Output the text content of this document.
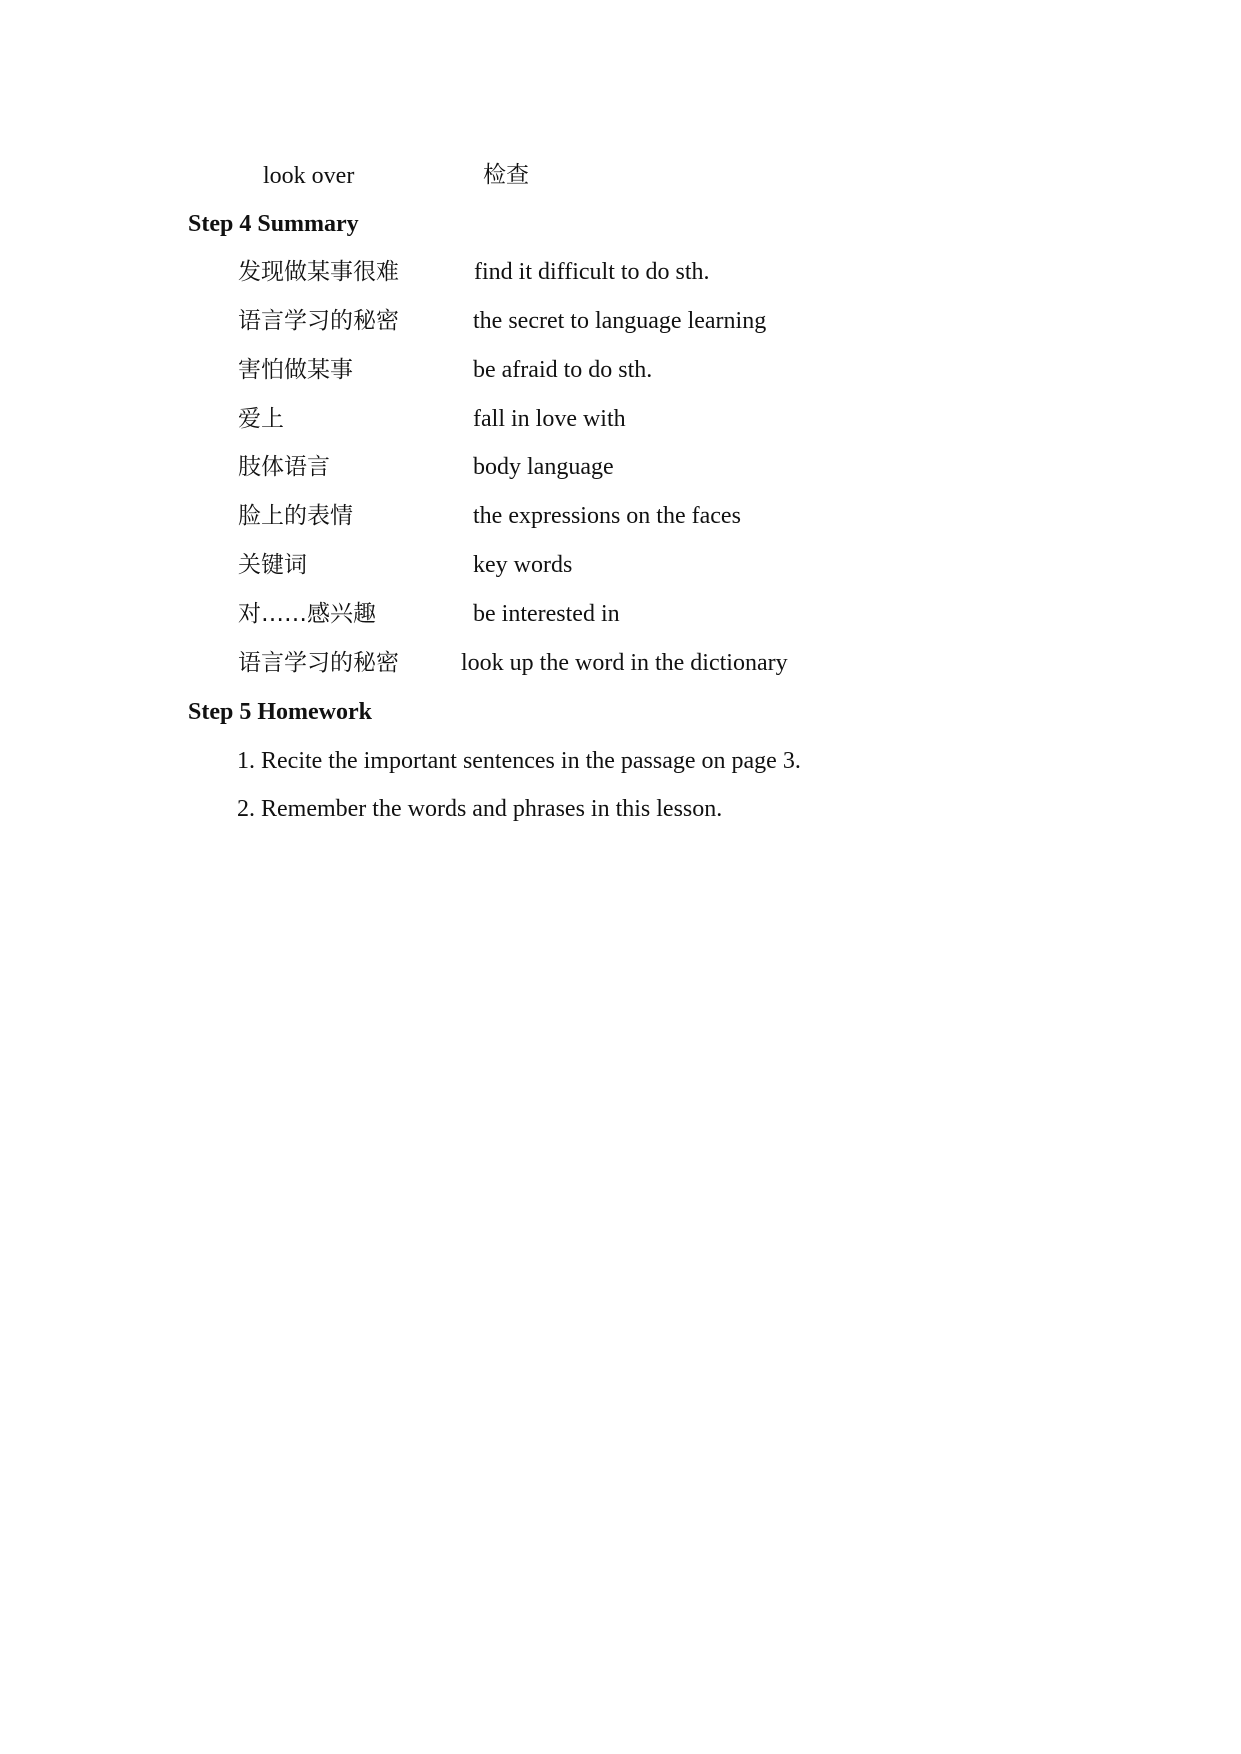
look over	检查
Step 4 Summary
发现做某事很难	find it difficult to do sth.
语言学习的秘密	the secret to language learning
害怕做某事	be afraid to do sth.
爱上	fall in love with
肢体语言	body language
脸上的表情	the expressions on the faces
关键词	key words
对……感兴趣	be interested in
语言学习的秘密	look up the word in the dictionary
Step 5 Homework
1. Recite the important sentences in the passage on page 3.
2. Remember the words and phrases in this lesson.
